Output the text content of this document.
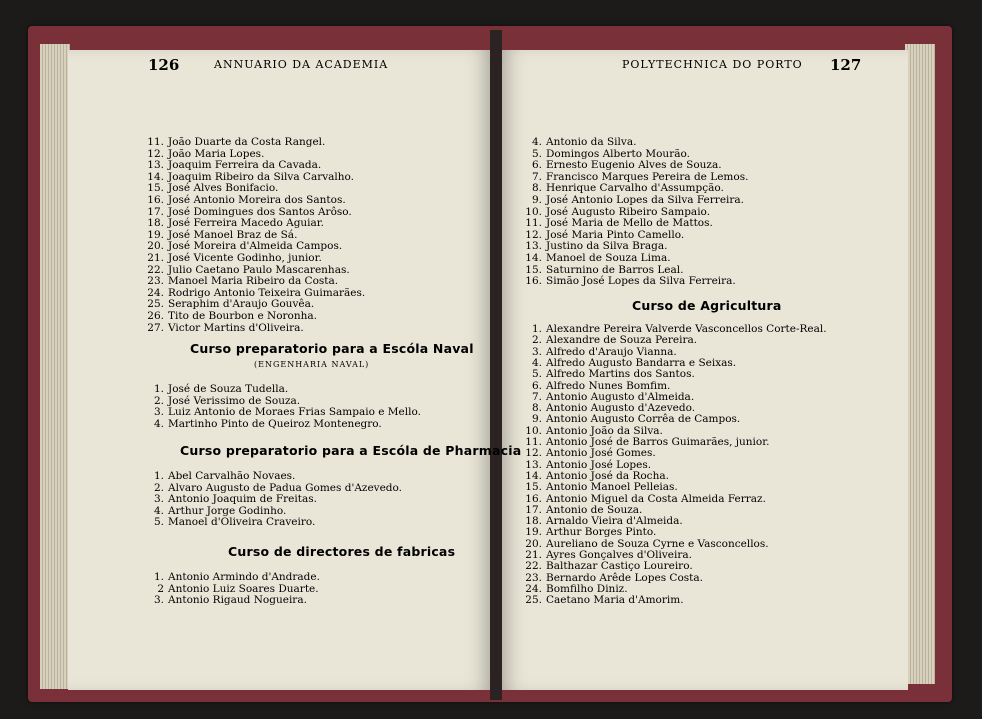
126	ANNUARIO DA ACADEMIA	POLYTECHNICA DO PORTO 127
11. João Duarte da Costa Rangel.
12. João Maria Lopes.
13. Joaquim Ferreira da Cavada.
14. Joaquim Ribeiro da Silva Carvalho.
15. José Alves Bonifacio.
16. José Antonio Moreira dos Santos.
17. José Domingues dos Santos Arôso.
18. José Ferreira Macedo Aguiar.
19. José Manoel Braz de Sá.
20. José Moreira d'Almeida Campos.
21. José Vicente Godinho, junior.
22. Julio Caetano Paulo Mascarenhas.
23. Manoel Maria Ribeiro da Costa.
24. Rodrigo Antonio Teixeira Guimarães.
25. Seraphim d'Araujo Gouvêa.
26. Tito de Bourbon e Noronha.
27. Victor Martins d'Oliveira.
Curso preparatorio para a Escóla Naval
(ENGENHARIA NAVAL)
1. José de Souza Tudella.
2. José Verissimo de Souza.
3. Luiz Antonio de Moraes Frias Sampaio e Mello.
4. Martinho Pinto de Queiroz Montenegro.
Curso preparatorio para a Escóla de Pharmacia
1. Abel Carvalhão Novaes.
2. Alvaro Augusto de Padua Gomes d'Azevedo.
3. Antonio Joaquim de Freitas.
4. Arthur Jorge Godinho.
5. Manoel d'Oliveira Craveiro.
Curso de directores de fabricas
1. Antonio Armindo d'Andrade.
2 Antonio Luiz Soares Duarte.
3. Antonio Rigaud Nogueira.
4. Antonio da Silva.
5. Domingos Alberto Mourão.
6. Ernesto Eugenio Alves de Souza.
7. Francisco Marques Pereira de Lemos.
8. Henrique Carvalho d'Assumpção.
9. José Antonio Lopes da Silva Ferreira.
10. José Augusto Ribeiro Sampaio.
11. José Maria de Mello de Mattos.
12. José Maria Pinto Camello.
13. Justino da Silva Braga.
14. Manoel de Souza Lima.
15. Saturnino de Barros Leal.
16. Simão José Lopes da Silva Ferreira.
Curso de Agricultura
1. Alexandre Pereira Valverde Vasconcellos Corte-Real.
2. Alexandre de Souza Pereira.
3. Alfredo d'Araujo Vianna.
4. Alfredo Augusto Bandarra e Seixas.
5. Alfredo Martins dos Santos.
6. Alfredo Nunes Bomfim.
7. Antonio Augusto d'Almeida.
8. Antonio Augusto d'Azevedo.
9. Antonio Augusto Corrêa de Campos.
10. Antonio João da Silva.
11. Antonio José de Barros Guimarães, junior.
12. Antonio José Gomes.
13. Antonio José Lopes.
14. Antonio José da Rocha.
15. Antonio Manoel Pelleias.
16. Antonio Miguel da Costa Almeida Ferraz.
17. Antonio de Souza.
18. Arnaldo Vieira d'Almeida.
19. Arthur Borges Pinto.
20. Aureliano de Souza Cyrne e Vasconcellos.
21. Ayres Gonçalves d'Oliveira.
22. Balthazar Castiço Loureiro.
23. Bernardo Arêde Lopes Costa.
24. Bomfilho Diniz.
25. Caetano Maria d'Amorim.
